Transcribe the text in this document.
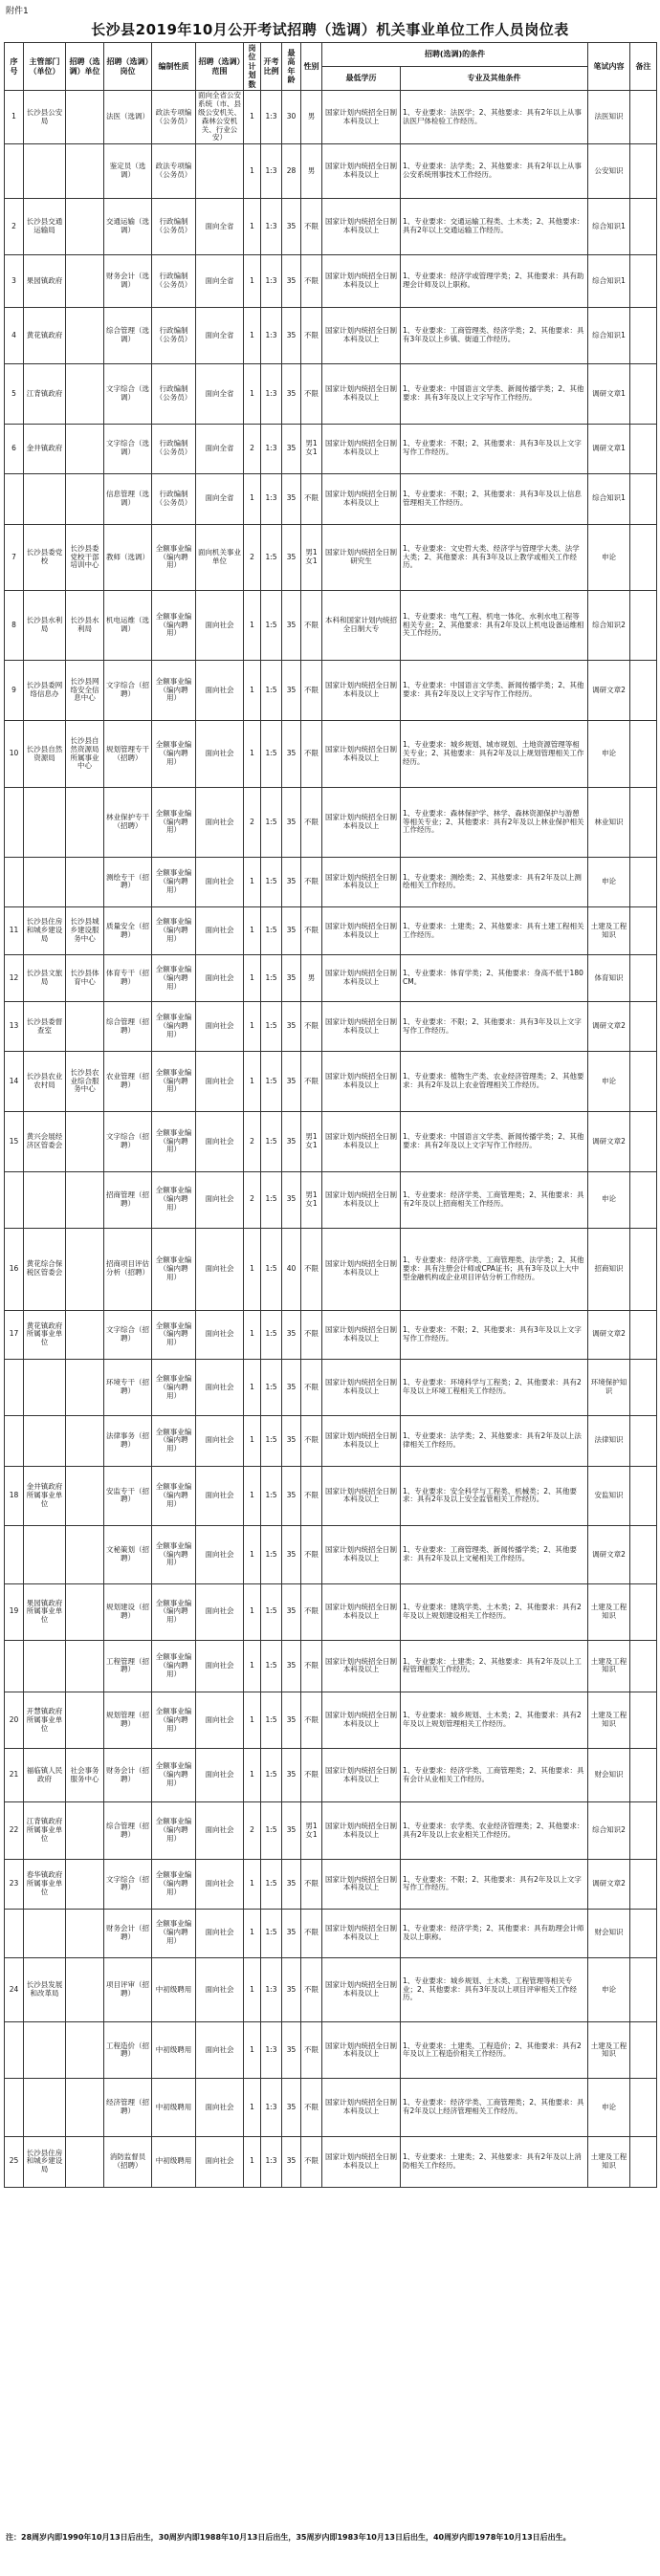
附件1
长沙县2019年10月公开考试招聘（选调）机关事业单位工作人员岗位表
序号	主管部门（单位）	招聘（选调）单位	招聘（选调）岗位	编制性质	招聘（选调）范围	岗位计划数	开考比例	最高年龄	性别	招聘(选调)的条件		笔试内容	备注
										最低学历	专业及其他条件		
1	长沙县公安局		法医（选调）	政法专项编（公务员）	面向全省公安系统（市、县级公安机关、森林公安机关、行业公安）	1	1:3	30	男	国家计划内统招全日制本科及以上	1、专业要求：法医学；2、其他要求：具有2年以上从事法医尸体检验工作经历。	法医知识	
			鉴定员（选调）	政法专项编（公务员）		1	1:3	28	男	国家计划内统招全日制本科及以上	1、专业要求：法学类；2、其他要求：具有2年以上从事公安系统刑事技术工作经历。	公安知识	
2	长沙县交通运输局		交通运输（选调）	行政编制（公务员）	面向全省	1	1:3	35	不限	国家计划内统招全日制本科及以上	1、专业要求：交通运输工程类、土木类；2、其他要求：具有2年以上交通运输工作经历。	综合知识1	
3	果园镇政府		财务会计（选调）	行政编制（公务员）	面向全省	1	1:3	35	不限	国家计划内统招全日制本科及以上	1、专业要求：经济学或管理学类；2、其他要求：具有助理会计师及以上职称。	综合知识1	
4	黄花镇政府		综合管理（选调）	行政编制（公务员）	面向全省	1	1:3	35	不限	国家计划内统招全日制本科及以上	1、专业要求：工商管理类、经济学类；2、其他要求：具有3年及以上乡镇、街道工作经历。	综合知识1	
5	江背镇政府		文字综合（选调）	行政编制（公务员）	面向全省	1	1:3	35	不限	国家计划内统招全日制本科及以上	1、专业要求：中国语言文学类、新闻传播学类；2、其他要求：具有3年及以上文字写作工作经历。	调研文章1	
6	金井镇政府		文字综合（选调）	行政编制（公务员）	面向全省	2	1:3	35	男1女1	国家计划内统招全日制本科及以上	1、专业要求：不限；2、其他要求：具有3年及以上文字写作工作经历。	调研文章1	
			信息管理（选调）	行政编制（公务员）	面向全省	1	1:3	35	不限	国家计划内统招全日制本科及以上	1、专业要求：不限；2、其他要求：具有3年及以上信息管理相关工作经历。	综合知识1	
7	长沙县委党校	长沙县委党校干部培训中心	教师（选调）	全额事业编（编内聘用）	面向机关事业单位	2	1:5	35	男1女1	国家计划内统招全日制研究生	1、专业要求：文史哲大类、经济学与管理学大类、法学大类；2、其他要求：具有3年及以上教学或相关工作经历。	申论	
8	长沙县水利局	长沙县水利局	机电运维（选调）	全额事业编（编内聘用）	面向社会	1	1:5	35	不限	本科和国家计划内统招全日制大专	1、专业要求：电气工程、机电一体化、水利水电工程等相关专业；2、其他要求：具有2年及以上机电设备运维相关工作经历。	综合知识2	
9	长沙县委网络信息办	长沙县网络安全信息中心	文字综合（招聘）	全额事业编（编内聘用）	面向社会	1	1:5	35	不限	国家计划内统招全日制本科及以上	1、专业要求：中国语言文学类、新闻传播学类；2、其他要求：具有2年及以上文字写作工作经历。	调研文章2	
10	长沙县自然资源局	长沙县自然资源局所属事业中心	规划管理专干（招聘）	全额事业编（编内聘用）	面向社会	1	1:5	35	不限	国家计划内统招全日制本科及以上	1、专业要求：城乡规划、城市规划、土地资源管理等相关专业；2、其他要求：具有2年及以上规划管理相关工作经历。	申论	
			林业保护专干（招聘）	全额事业编（编内聘用）	面向社会	2	1:5	35	不限	国家计划内统招全日制本科及以上	1、专业要求：森林保护学、林学、森林资源保护与游憩等相关专业；2、其他要求：具有2年及以上林业保护相关工作经历。	林业知识	
			测绘专干（招聘）	全额事业编（编内聘用）	面向社会	1	1:5	35	不限	国家计划内统招全日制本科及以上	1、专业要求：测绘类；2、其他要求：具有2年及以上测绘相关工作经历。	申论	
11	长沙县住房和城乡建设局	长沙县城乡建设服务中心	质量安全（招聘）	全额事业编（编内聘用）	面向社会	1	1:5	35	不限	国家计划内统招全日制本科及以上	1、专业要求：土建类；2、其他要求：具有土建工程相关工作经历。	土建及工程知识	
12	长沙县文旅局	长沙县体育中心	体育专干（招聘）	全额事业编（编内聘用）	面向社会	1	1:5	35	男	国家计划内统招全日制本科及以上	1、专业要求：体育学类；2、其他要求：身高不低于180CM。	体育知识	
13	长沙县委督查室		综合管理（招聘）	全额事业编（编内聘用）	面向社会	1	1:5	35	不限	国家计划内统招全日制本科及以上	1、专业要求：不限；2、其他要求：具有3年及以上文字写作工作经历。	调研文章2	
14	长沙县农业农村局	长沙县农业综合服务中心	农业管理（招聘）	全额事业编（编内聘用）	面向社会	1	1:5	35	不限	国家计划内统招全日制本科及以上	1、专业要求：植物生产类、农业经济管理类；2、其他要求：具有2年及以上农业管理相关工作经历。	申论	
15	黄兴会展经济区管委会		文字综合（招聘）	全额事业编（编内聘用）	面向社会	2	1:5	35	男1女1	国家计划内统招全日制本科及以上	1、专业要求：中国语言文学类、新闻传播学类；2、其他要求：具有2年及以上文字写作工作经历。	调研文章2	
			招商管理（招聘）	全额事业编（编内聘用）	面向社会	2	1:5	35	男1女1	国家计划内统招全日制本科及以上	1、专业要求：经济学类、工商管理类；2、其他要求：具有2年及以上招商相关工作经历。	申论	
16	黄花综合保税区管委会		招商项目评估分析（招聘）	全额事业编（编内聘用）	面向社会	1	1:5	40	不限	国家计划内统招全日制本科及以上	1、专业要求：经济学类、工商管理类、法学类；2、其他要求：具有注册会计师或CPA证书；具有3年及以上大中型金融机构或企业项目评估分析工作经历。	招商知识	
17	黄花镇政府所属事业单位		文字综合（招聘）	全额事业编（编内聘用）	面向社会	1	1:5	35	不限	国家计划内统招全日制本科及以上	1、专业要求：不限；2、其他要求：具有3年及以上文字写作工作经历。	调研文章2	
			环境专干（招聘）	全额事业编（编内聘用）	面向社会	1	1:5	35	不限	国家计划内统招全日制本科及以上	1、专业要求：环境科学与工程类；2、其他要求：具有2年及以上环境工程相关工作经历。	环境保护知识	
			法律事务（招聘）	全额事业编（编内聘用）	面向社会	1	1:5	35	不限	国家计划内统招全日制本科及以上	1、专业要求：法学类；2、其他要求：具有2年及以上法律相关工作经历。	法律知识	
18	金井镇政府所属事业单位		安监专干（招聘）	全额事业编（编内聘用）	面向社会	1	1:5	35	不限	国家计划内统招全日制本科及以上	1、专业要求：安全科学与工程类、机械类；2、其他要求：具有2年及以上安全监管相关工作经历。	安监知识	
			文秘策划（招聘）	全额事业编（编内聘用）	面向社会	1	1:5	35	不限	国家计划内统招全日制本科及以上	1、专业要求：工商管理类、新闻传播学类；2、其他要求：具有2年及以上文秘相关工作经历。	调研文章2	
19	果园镇政府所属事业单位		规划建设（招聘）	全额事业编（编内聘用）	面向社会	1	1:5	35	不限	国家计划内统招全日制本科及以上	1、专业要求：建筑学类、土木类；2、其他要求：具有2年及以上规划建设相关工作经历。	土建及工程知识	
			工程管理（招聘）	全额事业编（编内聘用）	面向社会	1	1:5	35	不限	国家计划内统招全日制本科及以上	1、专业要求：土建类；2、其他要求：具有2年及以上工程管理相关工作经历。	土建及工程知识	
20	开慧镇政府所属事业单位		规划管理（招聘）	全额事业编（编内聘用）	面向社会	1	1:5	35	不限	国家计划内统招全日制本科及以上	1、专业要求：城乡规划、土木类；2、其他要求：具有2年及以上规划管理相关工作经历。	土建及工程知识	
21	福临镇人民政府	社会事务服务中心	财务会计（招聘）	全额事业编（编内聘用）	面向社会	1	1:5	35	不限	国家计划内统招全日制本科及以上	1、专业要求：经济学类、工商管理类；2、其他要求：具有会计从业相关工作经历。	财会知识	
22	江背镇政府所属事业单位		综合管理（招聘）	全额事业编（编内聘用）	面向社会	2	1:5	35	男1女1	国家计划内统招全日制本科及以上	1、专业要求：农学类、农业经济管理类；2、其他要求：具有2年及以上农业相关工作经历。	综合知识2	
23	春华镇政府所属事业单位		文字综合（招聘）	全额事业编（编内聘用）	面向社会	1	1:5	35	不限	国家计划内统招全日制本科及以上	1、专业要求：不限；2、其他要求：具有2年及以上文字写作工作经历。	调研文章2	
			财务会计（招聘）	全额事业编（编内聘用）	面向社会	1	1:5	35	不限	国家计划内统招全日制本科及以上	1、专业要求：经济学类；2、其他要求：具有助理会计师及以上职称。	财会知识	
24	长沙县发展和改革局		项目评审（招聘）	中初级聘用	面向社会	1	1:3	35	不限	国家计划内统招全日制本科及以上	1、专业要求：城乡规划、土木类、工程管理等相关专业；2、其他要求：具有3年及以上项目评审相关工作经历。	申论	
			工程造价（招聘）	中初级聘用	面向社会	1	1:3	35	不限	国家计划内统招全日制本科及以上	1、专业要求：土建类、工程造价；2、其他要求：具有2年及以上工程造价相关工作经历。	土建及工程知识	
			经济管理（招聘）	中初级聘用	面向社会	1	1:3	35	不限	国家计划内统招全日制本科及以上	1、专业要求：经济学类、工商管理类；2、其他要求：具有2年及以上经济管理相关工作经历。	申论	
25	长沙县住房和城乡建设局		消防监督员（招聘）	中初级聘用	面向社会	1	1:3	35	不限	国家计划内统招全日制本科及以上	1、专业要求：土建类；2、其他要求：具有2年及以上消防相关工作经历。	土建及工程知识	
注：28周岁内即1990年10月13日后出生，30周岁内即1988年10月13日后出生，35周岁内即1983年10月13日后出生，40周岁内即1978年10月13日后出生。
